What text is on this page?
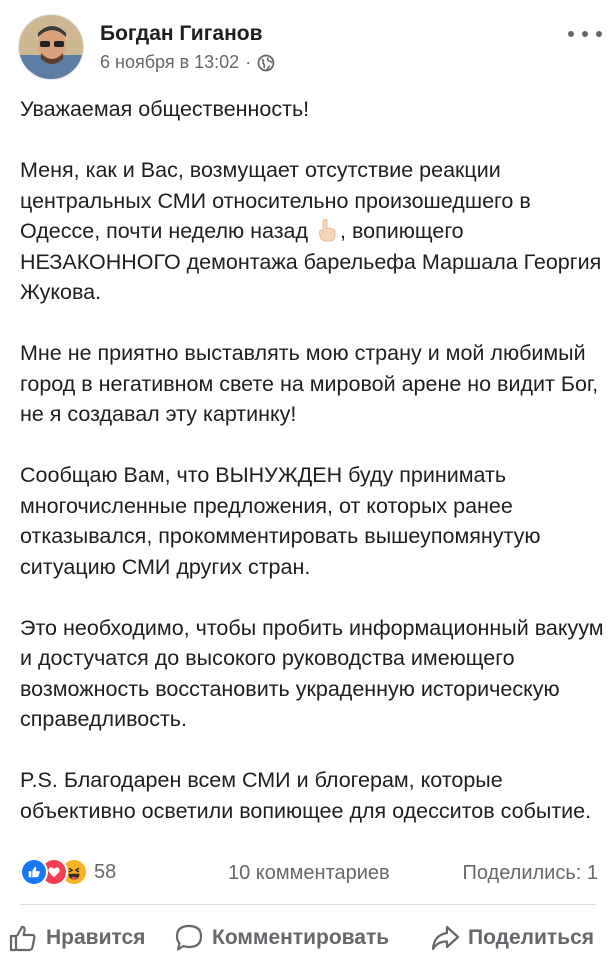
Богдан Гиганов
6 ноября в 13:02 ·

Уважаемая общественность!

Меня, как и Вас, возмущает отсутствие реакции центральных СМИ относительно произошедшего в Одессе, почти неделю назад , вопиющего НЕЗАКОННОГО демонтажа барельефа Маршала Георгия Жукова.

Мне не приятно выставлять мою страну и мой любимый город в негативном свете на мировой арене но видит Бог, не я создавал эту картинку!

Сообщаю Вам, что ВЫНУЖДЕН буду принимать многочисленные предложения, от которых ранее отказывался, прокомментировать вышеупомянутую ситуацию СМИ других стран.

Это необходимо, чтобы пробить информационный вакуум и достучатся до высокого руководства имеющего возможность восстановить украденную историческую справедливость.

P.S. Благодарен всем СМИ и блогерам, которые объективно осветили вопиющее для одесситов событие.

58	10 комментариев	Поделились: 1
Нравится	Комментировать	Поделиться
